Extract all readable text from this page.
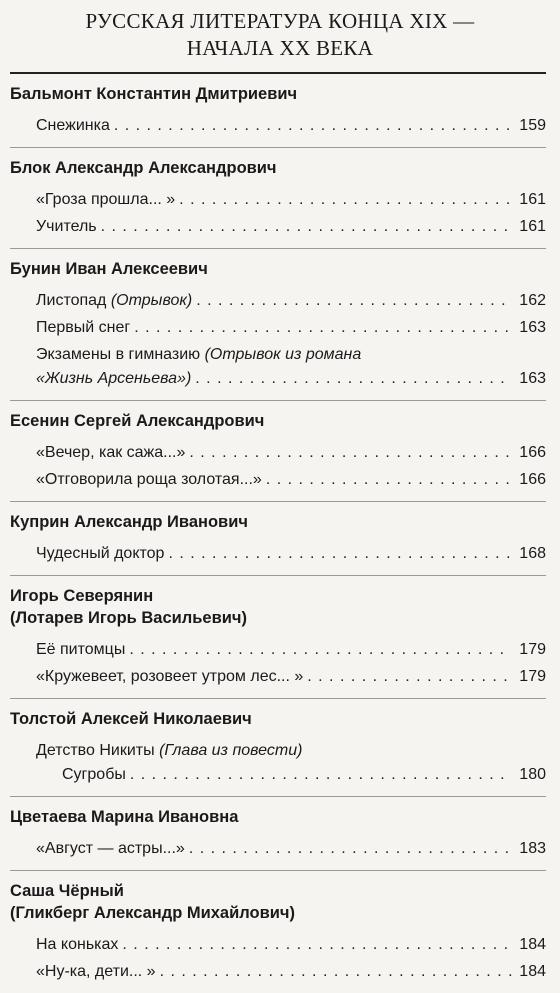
РУССКАЯ ЛИТЕРАТУРА КОНЦА XIX —
НАЧАЛА XX ВЕКА
Бальмонт Константин Дмитриевич
Снежинка . . .	159
Блок Александр Александрович
«Гроза прошла... » . . .	161
Учитель . . .	161
Бунин Иван Алексеевич
Листопад (Отрывок) . . .	162
Первый снег . . .	163
Экзамены в гимназию (Отрывок из романа
«Жизнь Арсеньева») . . .	163
Есенин Сергей Александрович
«Вечер, как сажа...» . . .	166
«Отговорила роща золотая...» . . .	166
Куприн Александр Иванович
Чудесный доктор . . .	168
Игорь Северянин
(Лотарев Игорь Васильевич)
Её питомцы . . .	179
«Кружевеет, розовеет утром лес... » . . .	179
Толстой Алексей Николаевич
Детство Никиты (Глава из повести)
Сугробы . . .	180
Цветаева Марина Ивановна
«Август — астры...» . . .	183
Саша Чёрный
(Гликберг Александр Михайлович)
На коньках . . .	184
«Ну-ка, дети... » . . .	184
